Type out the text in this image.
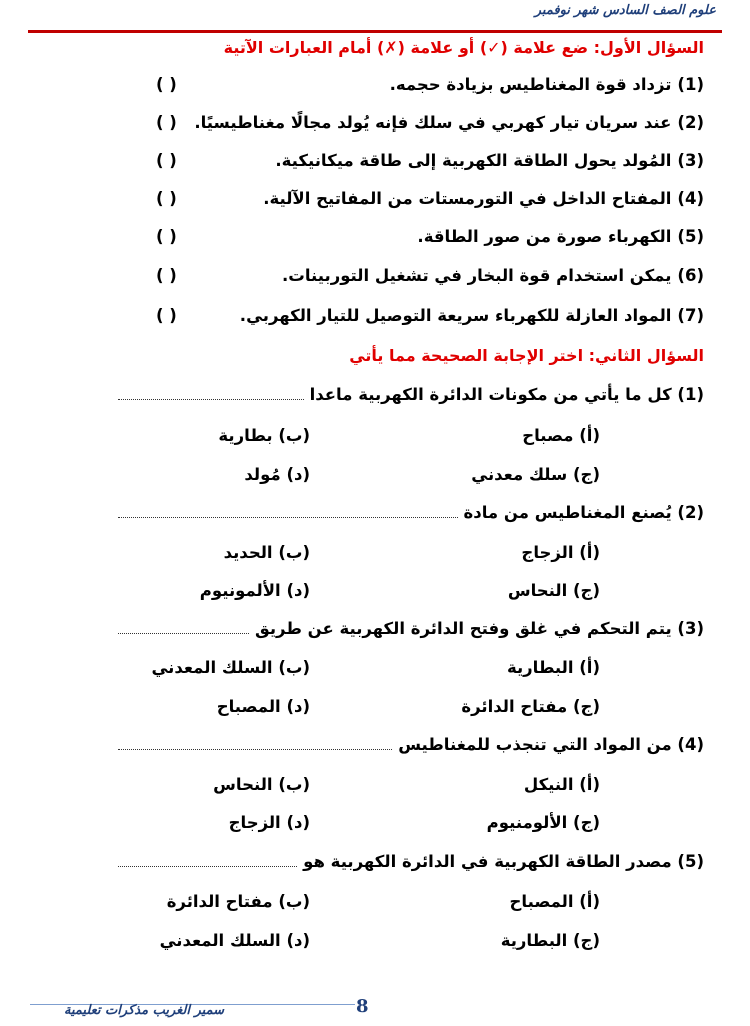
علوم الصف السادس شهر نوفمبر
السؤال الأول: ضع علامة (✓) أو علامة (✗) أمام العبارات الآتية
(1)تزداد قوة المغناطيس بزيادة حجمه.
( )
(2)عند سريان تيار كهربي في سلك فإنه يُولد مجالًا مغناطيسيًا.
( )
(3)المُولد يحول الطاقة الكهربية إلى طاقة ميكانيكية.
( )
(4)المفتاح الداخل في التورمستات من المفاتيح الآلية.
( )
(5)الكهرباء صورة من صور الطاقة.
( )
(6)يمكن استخدام قوة البخار في تشغيل التوربينات.
( )
(7)المواد العازلة للكهرباء سريعة التوصيل للتيار الكهربي.
( )
السؤال الثاني: اختر الإجابة الصحيحة مما يأتي
(1) كل ما يأتي من مكونات الدائرة الكهربية ماعدا
(أ) مصباح
(ب) بطارية
(ج) سلك معدني
(د) مُولد
(2) يُصنع المغناطيس من مادة
(أ) الزجاج
(ب) الحديد
(ج) النحاس
(د) الألمونيوم
(3) يتم التحكم في غلق وفتح الدائرة الكهربية عن طريق
(أ) البطارية
(ب) السلك المعدني
(ج) مفتاح الدائرة
(د) المصباح
(4) من المواد التي تنجذب للمغناطيس
(أ) النيكل
(ب) النحاس
(ج) الألومنيوم
(د) الزجاج
(5) مصدر الطاقة الكهربية في الدائرة الكهربية هو
(أ) المصباح
(ب) مفتاح الدائرة
(ج) البطارية
(د) السلك المعدني
8
سمير الغريب مذكرات تعليمية
